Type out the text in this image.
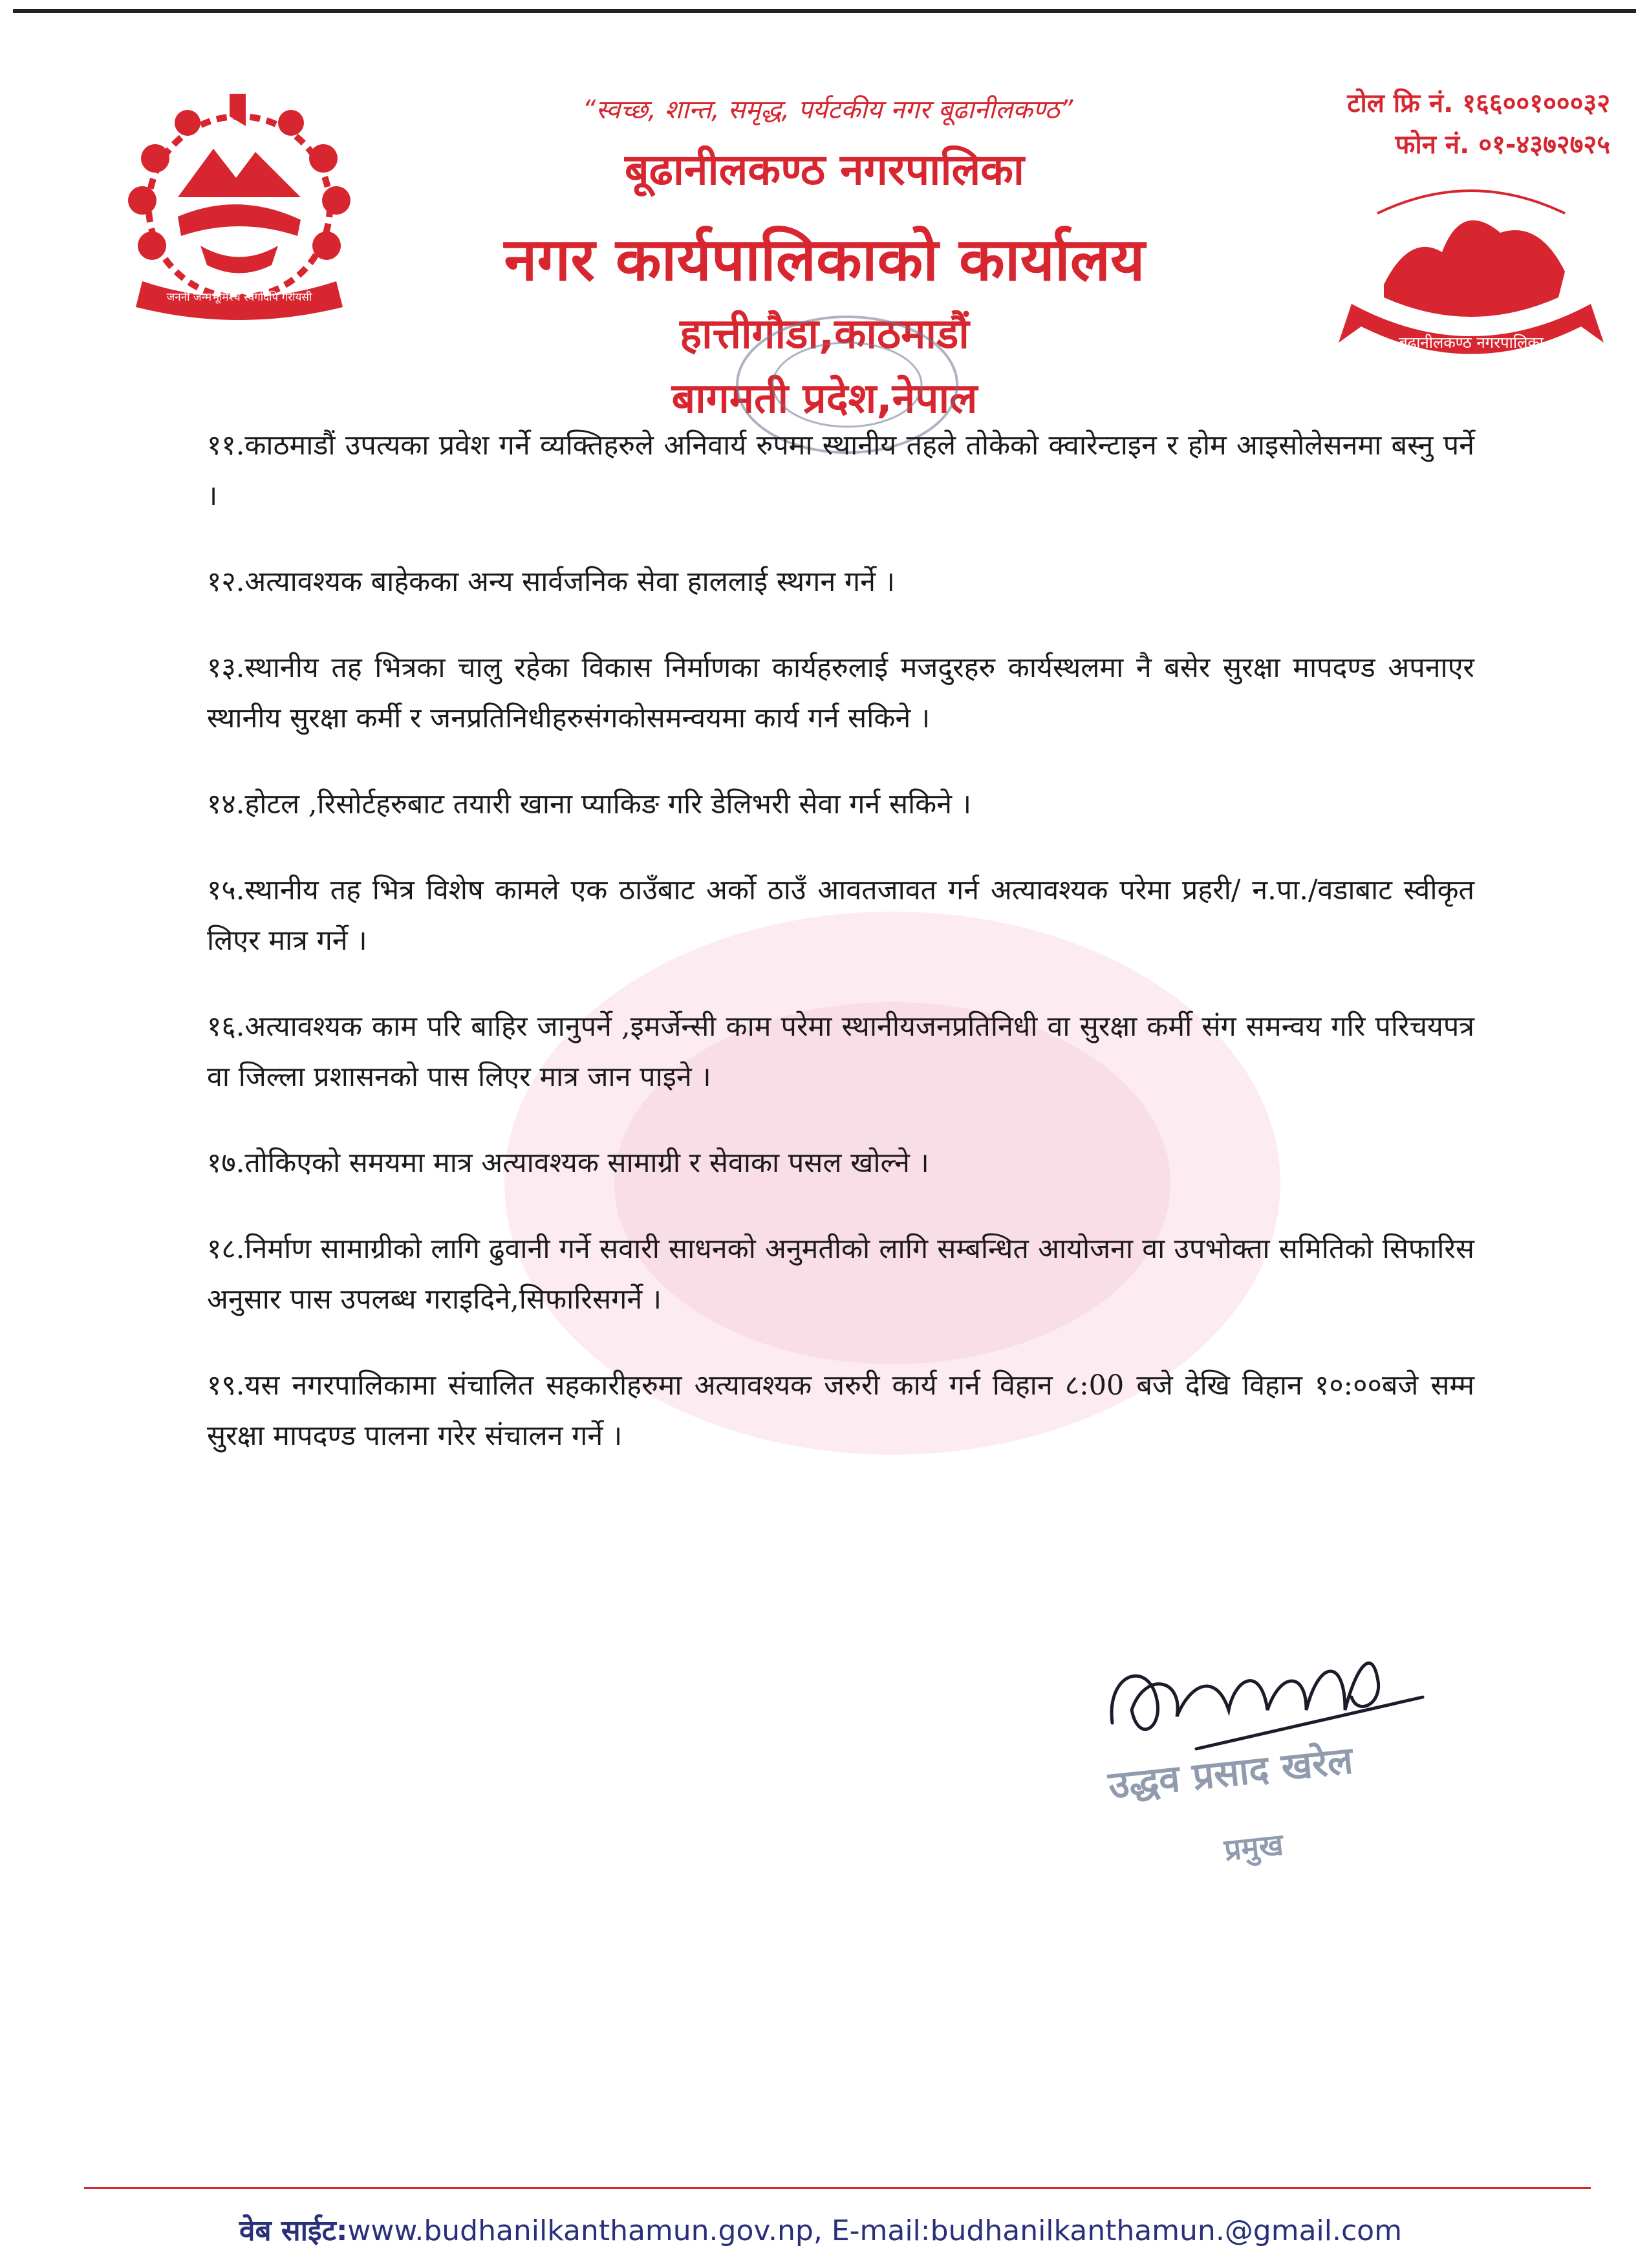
जननी जन्मभूमिश्च स्वर्गादपि गरीयसी
बूढानीलकण्ठ नगरपालिका
“स्वच्छ, शान्त, समृद्ध, पर्यटकीय नगर बूढानीलकण्ठ”
बूढानीलकण्ठ नगरपालिका
नगर कार्यपालिकाको कार्यालय
हात्तीगौडा,काठमाडौं
बागमती प्रदेश,नेपाल
टोल फ्रि नं. १६६००१०००३२
फोन नं. ०१-४३७२७२५

११.काठमाडौं उपत्यका प्रवेश गर्ने व्यक्तिहरुले अनिवार्य रुपमा स्थानीय तहले तोकेको क्वारेन्टाइन र होम आइसोलेसनमा बस्नु पर्ने ।

१२.अत्यावश्यक बाहेकका अन्य सार्वजनिक सेवा हाललाई स्थगन गर्ने ।

१३.स्थानीय तह भित्रका चालु रहेका विकास निर्माणका कार्यहरुलाई मजदुरहरु कार्यस्थलमा नै बसेर सुरक्षा मापदण्ड अपनाएर स्थानीय सुरक्षा कर्मी र जनप्रतिनिधीहरुसंगकोसमन्वयमा कार्य गर्न सकिने ।

१४.होटल ,रिसोर्टहरुबाट तयारी खाना प्याकिङ गरि डेलिभरी सेवा गर्न सकिने ।

१५.स्थानीय तह भित्र विशेष कामले एक ठाउँबाट अर्को ठाउँ आवतजावत गर्न अत्यावश्यक परेमा प्रहरी/ न.पा./वडाबाट स्वीकृत लिएर मात्र गर्ने ।

१६.अत्यावश्यक काम परि बाहिर जानुपर्ने ,इमर्जेन्सी काम परेमा स्थानीयजनप्रतिनिधी वा सुरक्षा कर्मी संग समन्वय गरि परिचयपत्र वा जिल्ला प्रशासनको पास लिएर मात्र जान पाइने ।

१७.तोकिएको समयमा मात्र अत्यावश्यक सामाग्री र सेवाका पसल खोल्ने ।

१८.निर्माण सामाग्रीको लागि ढुवानी गर्ने सवारी साधनको अनुमतीको लागि सम्बन्धित आयोजना वा उपभोक्ता समितिको सिफारिस अनुसार पास उपलब्ध गराइदिने,सिफारिसगर्ने ।

१९.यस नगरपालिकामा संचालित सहकारीहरुमा अत्यावश्यक जरुरी कार्य गर्न विहान ८:00 बजे देखि विहान १०:००बजे सम्म सुरक्षा मापदण्ड पालना गरेर संचालन गर्ने ।

उद्धव प्रसाद खरेल
प्रमुख
वेब साईट:www.budhanilkanthamun.gov.np, E-mail:budhanilkanthamun.@gmail.com
